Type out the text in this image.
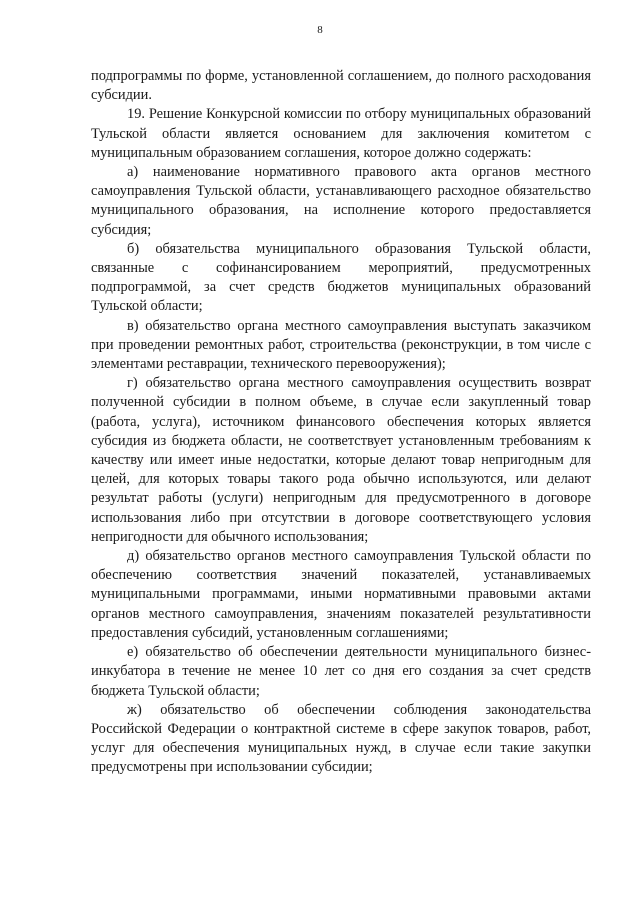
8

подпрограммы по форме, установленной соглашением, до полного расходования субсидии.

19. Решение Конкурсной комиссии по отбору муниципальных образований Тульской области является основанием для заключения комитетом с муниципальным образованием соглашения, которое должно содержать:

а) наименование нормативного правового акта органов местного самоуправления Тульской области, устанавливающего расходное обязательство муниципального образования, на исполнение которого предоставляется субсидия;

б) обязательства муниципального образования Тульской области, связанные с софинансированием мероприятий, предусмотренных подпрограммой, за счет средств бюджетов муниципальных образований Тульской области;

в) обязательство органа местного самоуправления выступать заказчиком при проведении ремонтных работ, строительства (реконструкции, в том числе с элементами реставрации, технического перевооружения);

г) обязательство органа местного самоуправления осуществить возврат полученной субсидии в полном объеме, в случае если закупленный товар (работа, услуга), источником финансового обеспечения которых является субсидия из бюджета области, не соответствует установленным требованиям к качеству или имеет иные недостатки, которые делают товар непригодным для целей, для которых товары такого рода обычно используются, или делают результат работы (услуги) непригодным для предусмотренного в договоре использования либо при отсутствии в договоре соответствующего условия непригодности для обычного использования;

д) обязательство органов местного самоуправления Тульской области по обеспечению соответствия значений показателей, устанавливаемых муниципальными программами, иными нормативными правовыми актами органов местного самоуправления, значениям показателей результативности предоставления субсидий, установленным соглашениями;

е) обязательство об обеспечении деятельности муниципального бизнес-инкубатора в течение не менее 10 лет со дня его создания за счет средств бюджета Тульской области;

ж) обязательство об обеспечении соблюдения законодательства Российской Федерации о контрактной системе в сфере закупок товаров, работ, услуг для обеспечения муниципальных нужд, в случае если такие закупки предусмотрены при использовании субсидии;
